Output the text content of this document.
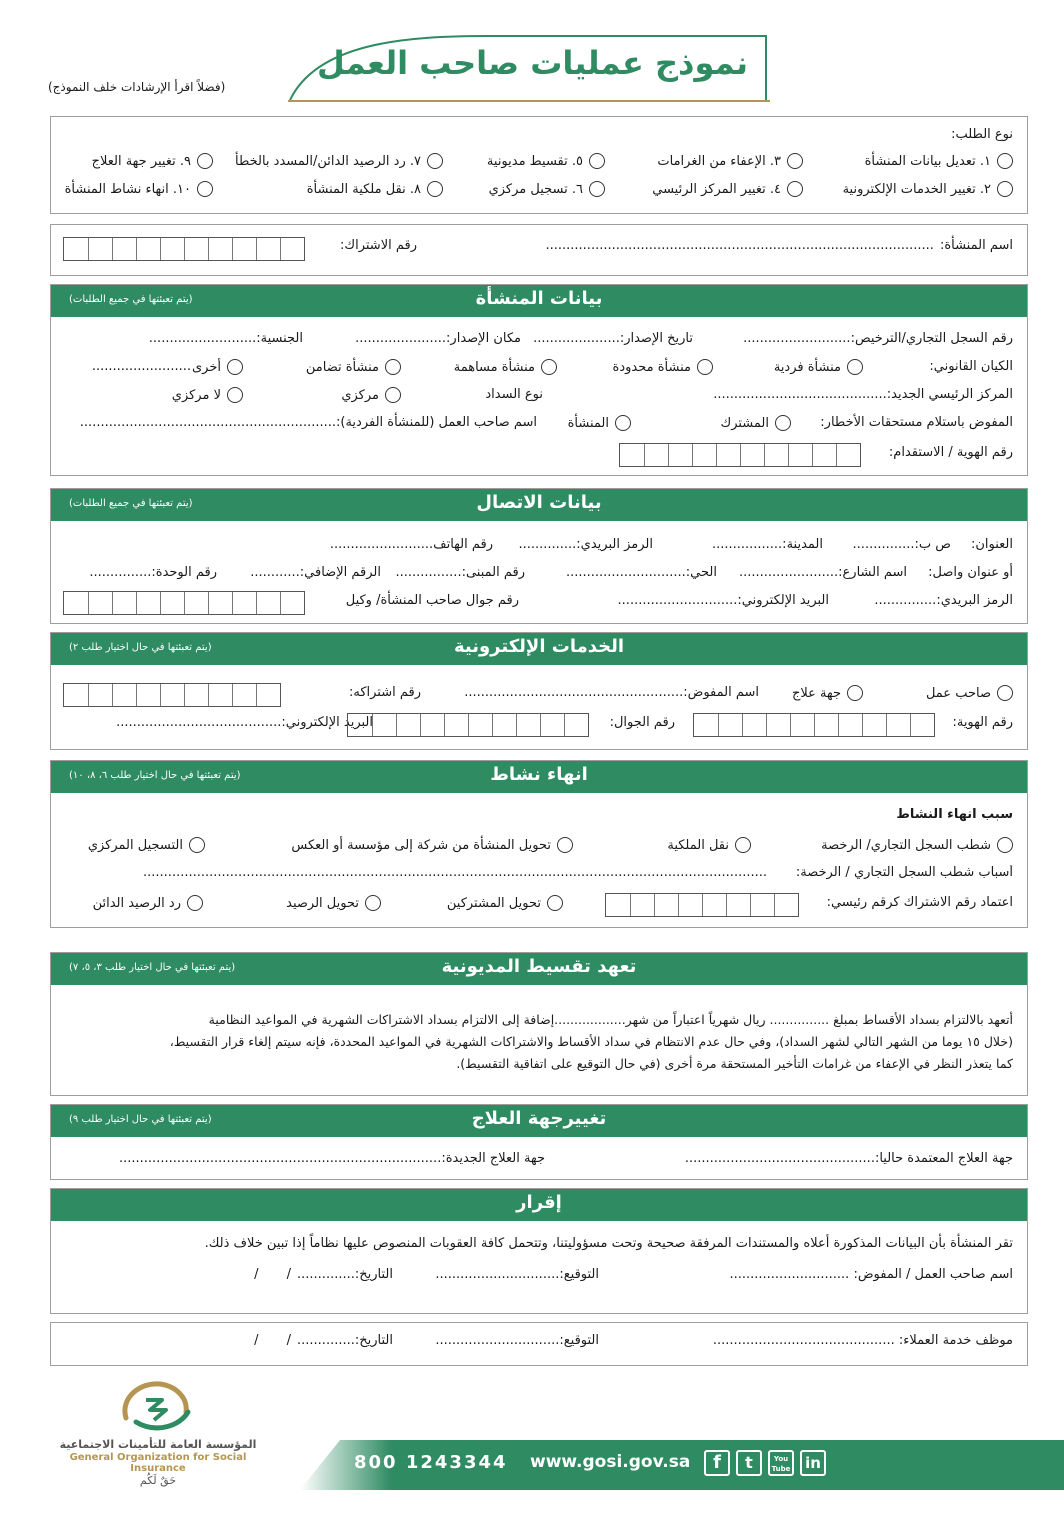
نموذج عمليات صاحب العمل
(فضلاً اقرأ الإرشادات خلف النموذج)
نوع الطلب:
١. تعديل بيانات المنشأة
٣. الإعفاء من الغرامات
٥. تقسيط مديونية
٧. رد الرصيد الدائن/المسدد بالخطأ
٩. تغيير جهة العلاج
٢. تغيير الخدمات الإلكترونية
٤. تغيير المركز الرئيسي
٦. تسجيل مركزي
٨. نقل ملكية المنشأة
١٠. انهاء نشاط المنشأة
اسم المنشأة:
..............................................................................................
رقم الاشتراك:
بيانات المنشأة
(يتم تعبئتها في جميع الطلبات)
رقم السجل التجاري/الترخيص:..........................
تاريخ الإصدار:.....................
مكان الإصدار:......................
الجنسية:..........................
الكيان القانوني:
منشأة فردية
منشأة محدودة
منشأة مساهمة
منشأة تضامن
أخرى
........................
المركز الرئيسي الجديد:..........................................
نوع السداد
مركزي
لا مركزي
المفوض باستلام مستحقات الأخطار:
المشترك
المنشأة
اسم صاحب العمل (للمنشأة الفردية):..............................................................
رقم الهوية / الاستقدام:
بيانات الاتصال
(يتم تعبئتها في جميع الطلبات)
العنوان:
ص ب:...............
المدينة:.................
الرمز البريدي:..............
رقم الهاتف.........................
أو عنوان واصل:
اسم الشارع:........................
الحي:.............................
رقم المبنى:................
الرقم الإضافي:............
رقم الوحدة:...............
الرمز البريدي:...............
البريد الإلكتروني:.............................
رقم جوال صاحب المنشأة/ وكيل
الخدمات الإلكترونية
(يتم تعبئتها في حال اختيار طلب ٢)
صاحب عمل
جهة علاج
اسم المفوض:.....................................................
رقم اشتراكه:
رقم الهوية:
رقم الجوال:
البريد الإلكتروني:........................................
انهاء نشاط
(يتم تعبئتها في حال اختيار طلب ٦، ٨، ١٠)
سبب انهاء النشاط
شطب السجل التجاري/ الرخصة
نقل الملكية
تحويل المنشأة من شركة إلى مؤسسة أو العكس
التسجيل المركزي
أسباب شطب السجل التجاري / الرخصة:
.......................................................................................................................................................
اعتماد رقم الاشتراك كرقم رئيسي:
تحويل المشتركين
تحويل الرصيد
رد الرصيد الدائن
تعهد تقسيط المديونية
(يتم تعبئتها في حال اختيار طلب ٣، ٥، ٧)
أتعهد بالالتزام بسداد الأقساط بمبلغ ............... ريال شهرياً اعتباراً من شهر..................إضافة إلى الالتزام بسداد الاشتراكات الشهرية في المواعيد النظامية
(خلال ١٥ يوما من الشهر التالي لشهر السداد)، وفي حال عدم الانتظام في سداد الأقساط والاشتراكات الشهرية في المواعيد المحددة، فإنه سيتم إلغاء قرار التقسيط،
كما يتعذر النظر في الإعفاء من غرامات التأخير المستحقة مرة أخرى (في حال التوقيع على اتفاقية التقسيط).
تغييرجهة العلاج
(يتم تعبئتها في حال اختيار طلب ٩)
جهة العلاج المعتمدة حاليا:..............................................
جهة العلاج الجديدة:..............................................................................
إقرار
تقر المنشأة بأن البيانات المذكورة أعلاه والمستندات المرفقة صحيحة وتحت مسؤوليتنا، وتتحمل كافة العقوبات المنصوص عليها نظاماً إذا تبين خلاف ذلك.
اسم صاحب العمل / المفوض: .............................
التوقيع:..............................
التاريخ:..............
/ /
موظف خدمة العملاء: ............................................
التوقيع:..............................
التاريخ:..............
/ /
المؤسسة العامة للتأمينات الاجتماعية
General Organization for Social Insurance
حَقٌ لَكُم
800 1243344 www.gosi.gov.sa	f	t	You Tube in
